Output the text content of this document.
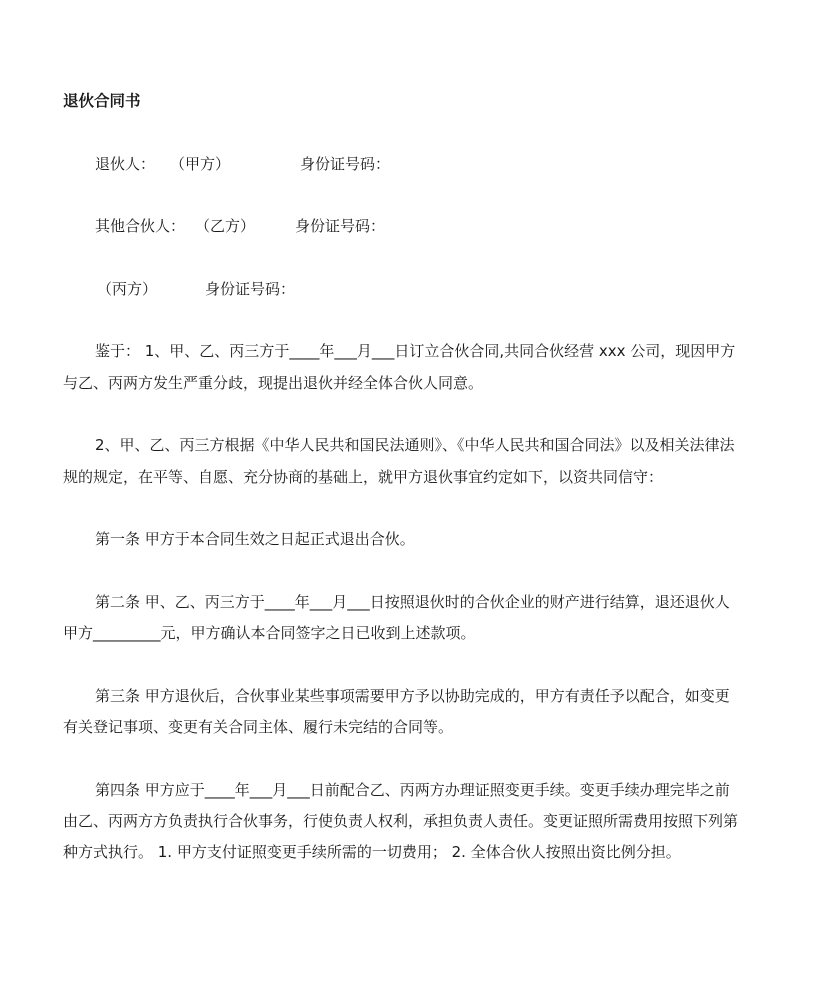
退伙合同书
退伙人： （甲方）	身份证号码：
其他合伙人： （乙方）	身份证号码：
（丙方）	身份证号码：
鉴于： 1、甲、乙、丙三方于____年___月___日订立合伙合同,共同合伙经营 xxx 公司，现因甲方
与乙、丙两方发生严重分歧，现提出退伙并经全体合伙人同意。
2、甲、乙、丙三方根据《中华人民共和国民法通则》、《中华人民共和国合同法》以及相关法律法
规的规定，在平等、自愿、充分协商的基础上，就甲方退伙事宜约定如下，以资共同信守：
第一条 甲方于本合同生效之日起正式退出合伙。
第二条 甲、乙、丙三方于____年___月___日按照退伙时的合伙企业的财产进行结算，退还退伙人
甲方_________元，甲方确认本合同签字之日已收到上述款项。
第三条 甲方退伙后，合伙事业某些事项需要甲方予以协助完成的，甲方有责任予以配合，如变更
有关登记事项、变更有关合同主体、履行未完结的合同等。
第四条 甲方应于____年___月___日前配合乙、丙两方办理证照变更手续。变更手续办理完毕之前
由乙、丙两方方负责执行合伙事务，行使负责人权利，承担负责人责任。变更证照所需费用按照下列第
种方式执行。 1. 甲方支付证照变更手续所需的一切费用； 2. 全体合伙人按照出资比例分担。
